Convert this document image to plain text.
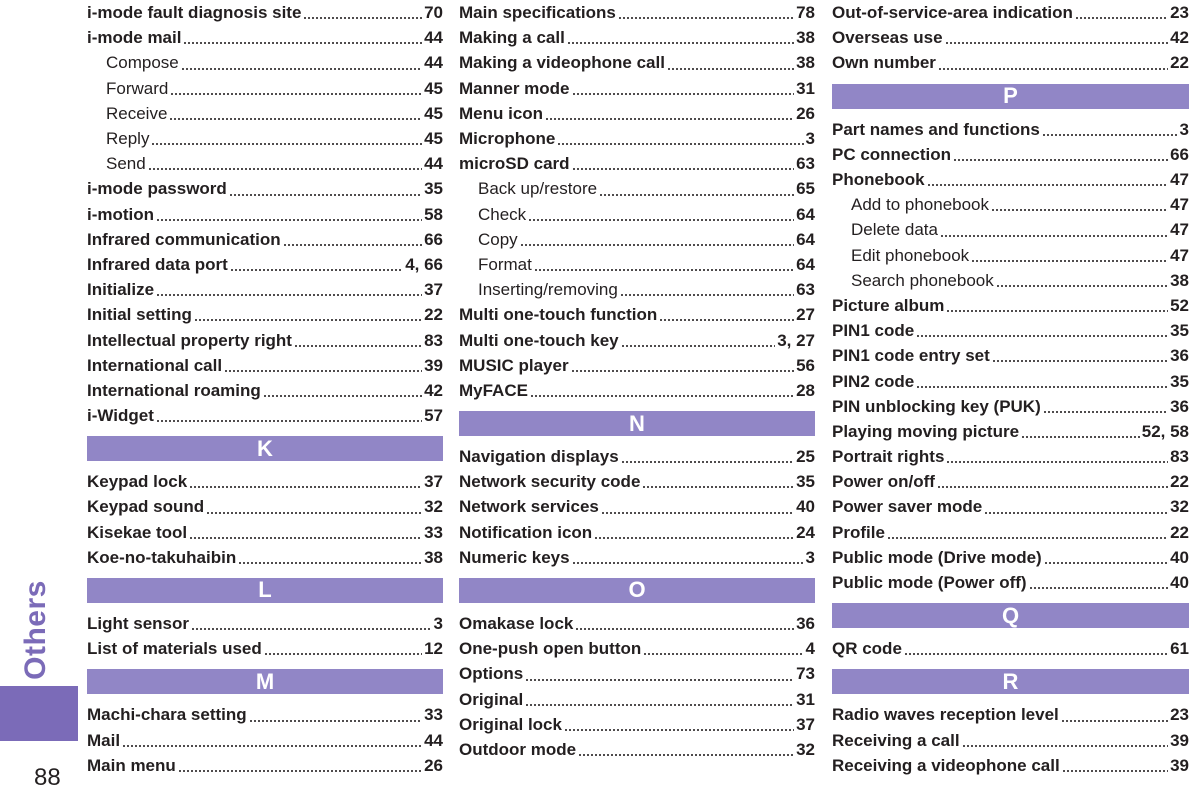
Others
88
i-mode fault diagnosis site	70
i-mode mail	44
Compose	44
Forward	45
Receive	45
Reply	45
Send	44
i-mode password	35
i-motion	58
Infrared communication	66
Infrared data port	4, 66
Initialize	37
Initial setting	22
Intellectual property right	83
International call	39
International roaming	42
i-Widget	57
K
Keypad lock	37
Keypad sound	32
Kisekae tool	33
Koe-no-takuhaibin	38
L
Light sensor	3
List of materials used	12
M
Machi-chara setting	33
Mail	44
Main menu	26
Main specifications	78
Making a call	38
Making a videophone call	38
Manner mode	31
Menu icon	26
Microphone	3
microSD card	63
Back up/restore	65
Check	64
Copy	64
Format	64
Inserting/removing	63
Multi one-touch function	27
Multi one-touch key	3, 27
MUSIC player	56
MyFACE	28
N
Navigation displays	25
Network security code	35
Network services	40
Notification icon	24
Numeric keys	3
O
Omakase lock	36
One-push open button	4
Options	73
Original	31
Original lock	37
Outdoor mode	32
Out-of-service-area indication	23
Overseas use	42
Own number	22
P
Part names and functions	3
PC connection	66
Phonebook	47
Add to phonebook	47
Delete data	47
Edit phonebook	47
Search phonebook	38
Picture album	52
PIN1 code	35
PIN1 code entry set	36
PIN2 code	35
PIN unblocking key (PUK)	36
Playing moving picture	52, 58
Portrait rights	83
Power on/off	22
Power saver mode	32
Profile	22
Public mode (Drive mode)	40
Public mode (Power off)	40
Q
QR code	61
R
Radio waves reception level	23
Receiving a call	39
Receiving a videophone call	39
